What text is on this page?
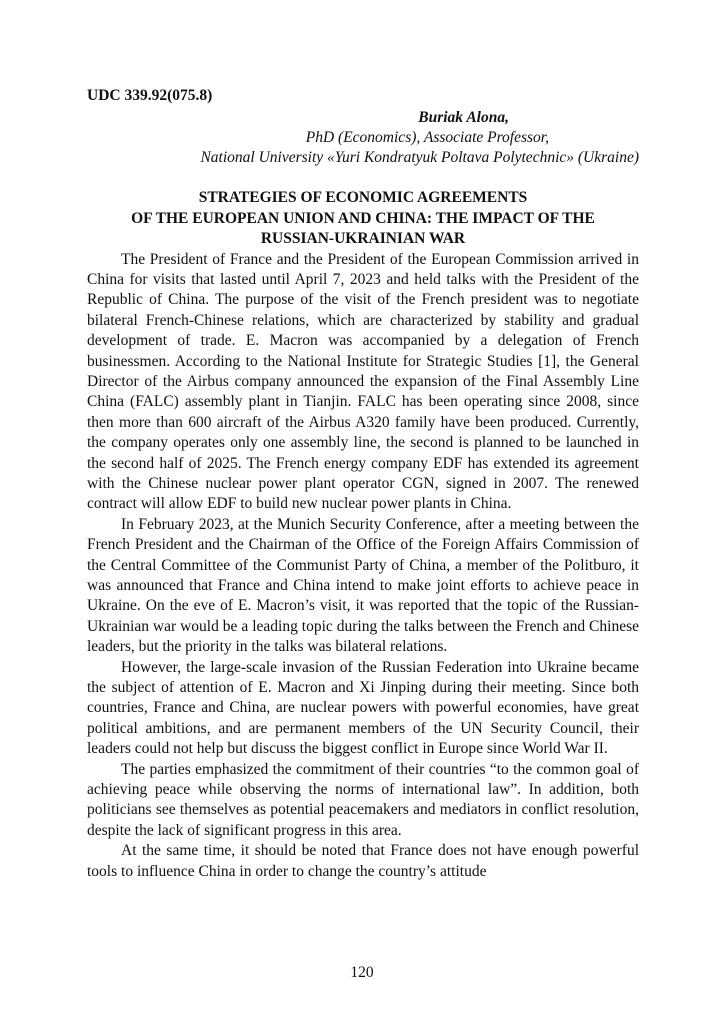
UDC 339.92(075.8)

Buriak Alona,
PhD (Economics), Associate Professor,
National University «Yuri Kondratyuk Poltava Polytechnic» (Ukraine)
STRATEGIES OF ECONOMIC AGREEMENTS
OF THE EUROPEAN UNION AND CHINA: THE IMPACT OF THE
RUSSIAN-UKRAINIAN WAR

The President of France and the President of the European Commission arrived in China for visits that lasted until April 7, 2023 and held talks with the President of the Republic of China. The purpose of the visit of the French president was to negotiate bilateral French-Chinese relations, which are characterized by stability and gradual development of trade. E. Macron was accompanied by a delegation of French businessmen. According to the National Institute for Strategic Studies [1], the General Director of the Airbus company announced the expansion of the Final Assembly Line China (FALC) assembly plant in Tianjin. FALC has been operating since 2008, since then more than 600 aircraft of the Airbus A320 family have been produced. Currently, the company operates only one assembly line, the second is planned to be launched in the second half of 2025. The French energy company EDF has extended its agreement with the Chinese nuclear power plant operator CGN, signed in 2007. The renewed contract will allow EDF to build new nuclear power plants in China.

In February 2023, at the Munich Security Conference, after a meeting between the French President and the Chairman of the Office of the Foreign Affairs Commission of the Central Committee of the Communist Party of China, a member of the Politburo, it was announced that France and China intend to make joint efforts to achieve peace in Ukraine. On the eve of E. Macron’s visit, it was reported that the topic of the Russian-Ukrainian war would be a leading topic during the talks between the French and Chinese leaders, but the priority in the talks was bilateral relations.

However, the large-scale invasion of the Russian Federation into Ukraine became the subject of attention of E. Macron and Xi Jinping during their meeting. Since both countries, France and China, are nuclear powers with powerful economies, have great political ambitions, and are permanent members of the UN Security Council, their leaders could not help but discuss the biggest conflict in Europe since World War II.

The parties emphasized the commitment of their countries “to the common goal of achieving peace while observing the norms of international law”. In addition, both politicians see themselves as potential peacemakers and mediators in conflict resolution, despite the lack of significant progress in this area.

At the same time, it should be noted that France does not have enough powerful tools to influence China in order to change the country’s attitude

120
